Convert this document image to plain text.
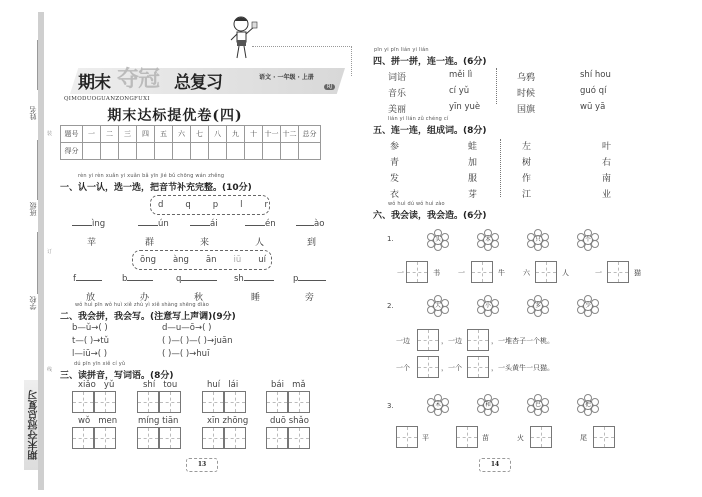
姓名
班级
学校
装
订
线
期末夺冠总复习
期末 夺冠 总复习	语文 · 一年级 · 上册
RJ
QIMODUOGUANZONGFUXI
期末达标提优卷(四)
题号	一	二	三	四	五	六	七	八	九	十	十一	十二	总分
得分													
rèn yi rèn xuǎn yi xuǎn bǎ yīn jié bǔ chōng wán zhěng
一、认一认，选一选，把音节补充完整。(10分)
d	q	p	l	r
ìng	ún	ái	én	ào
苹	群	来	人	到
ōng àng ān iū uí
f	b	q	sh	p
放	办	秋	睡	旁
wǒ huì pīn wǒ huì xiě zhù yì xiě shàng shēng diào
二、我会拼，我会写。(注意写上声调)(9分)
b—ǔ→( )	d—u—ō→( )
t—( )→tǔ	( )—( )—( )→juān
l—iū→( )	( )—( )→huī
dú pīn yīn xiě cí yǔ
三、读拼音，写词语。(8分)
xiǎo yǔ	shí tou	huí lái	bái mǎ
wǒ men míng tiān	xīn zhōng	duō shǎo
13
pīn yi pīn lián yi lián
四、拼一拼，连一连。(6分)
词语
音乐
美丽
měi lì
cí yǔ
yīn yuè
乌鸦
时候
国旗
shí hou
guó qí
wū yā
lián yi lián zǔ chéng cí
五、连一连，组成词。(8分)
参
青
发
衣
蛙
加
服
芽
左
树
作
江
叶
右
南
业
wǒ huì dú wǒ huì zào
六、我会读，我会造。(6分)
1.	头	本	只	个
一	书	一	牛	六	人	一	猫
2.	大	小	多	少
一边	，一边	，一堆杏子一个桃。
一个	，一个	，一头黄牛一只猫。
3.	禾	和	巴	把
平	苗	火	尾
14
